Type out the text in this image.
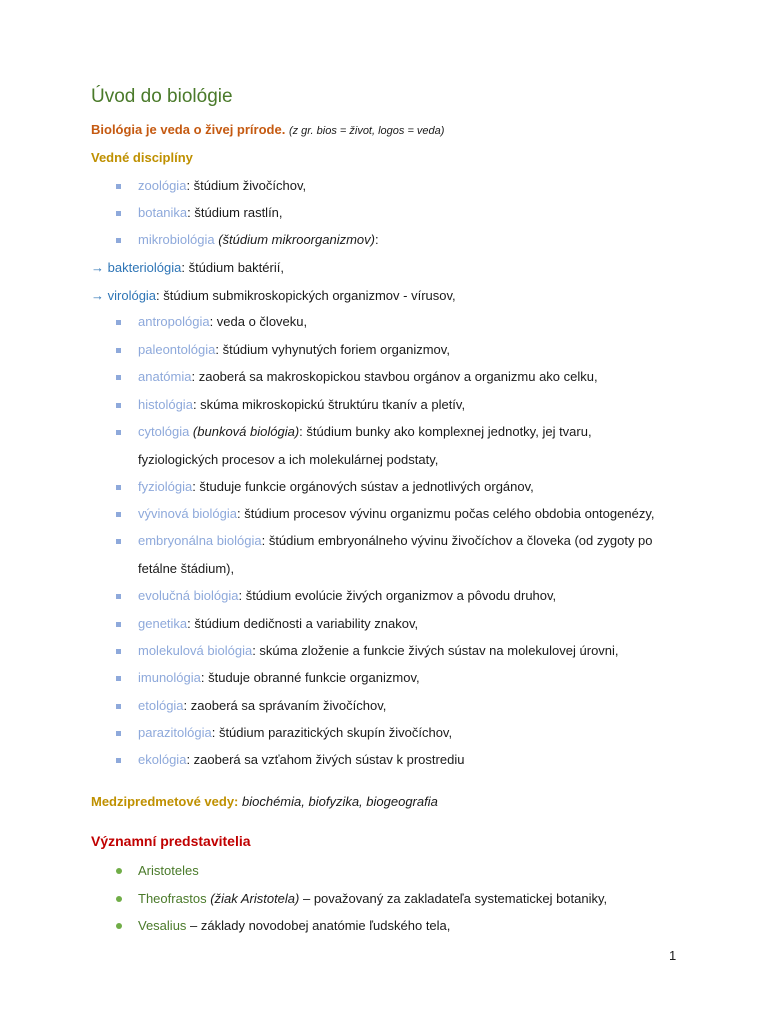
Úvod do biológie
Biológia je veda o živej prírode. (z gr. bios = život, logos = veda)
Vedné disciplíny
zoológia: štúdium živočíchov,
botanika: štúdium rastlín,
mikrobiológia (štúdium mikroorganizmov):
→ bakteriológia: štúdium baktérií,
→ virológia: štúdium submikroskopických organizmov - vírusov,
antropológia: veda o človeku,
paleontológia: štúdium vyhynutých foriem organizmov,
anatómia: zaoberá sa makroskopickou stavbou orgánov a organizmu ako celku,
histológia: skúma mikroskopickú štruktúru tkanív a pletív,
cytológia (bunková biológia): štúdium bunky ako komplexnej jednotky, jej tvaru,
fyziologických procesov a ich molekulárnej podstaty,
fyziológia: študuje funkcie orgánových sústav a jednotlivých orgánov,
vývinová biológia: štúdium procesov vývinu organizmu počas celého obdobia ontogenézy,
embryonálna biológia: štúdium embryonálneho vývinu živočíchov a človeka (od zygoty po
fetálne štádium),
evolučná biológia: štúdium evolúcie živých organizmov a pôvodu druhov,
genetika: štúdium dedičnosti a variability znakov,
molekulová biológia: skúma zloženie a funkcie živých sústav na molekulovej úrovni,
imunológia: študuje obranné funkcie organizmov,
etológia: zaoberá sa správaním živočíchov,
parazitológia: štúdium parazitických skupín živočíchov,
ekológia: zaoberá sa vzťahom živých sústav k prostrediu
Medzipredmetové vedy: biochémia, biofyzika, biogeografia
Významní predstavitelia
Aristoteles
Theofrastos (žiak Aristotela) – považovaný za zakladateľa systematickej botaniky,
Vesalius – základy novodobej anatómie ľudského tela,
1
